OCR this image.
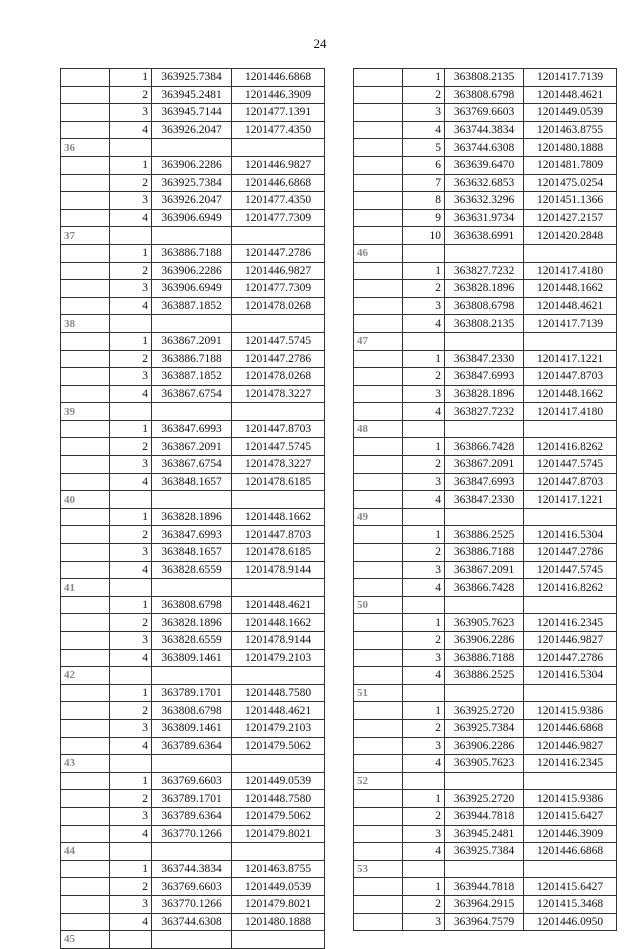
24
	1	363925.7384	1201446.6868
	2	363945.2481	1201446.3909
	3	363945.7144	1201477.1391
	4	363926.2047	1201477.4350
36			
	1	363906.2286	1201446.9827
	2	363925.7384	1201446.6868
	3	363926.2047	1201477.4350
	4	363906.6949	1201477.7309
37			
	1	363886.7188	1201447.2786
	2	363906.2286	1201446.9827
	3	363906.6949	1201477.7309
	4	363887.1852	1201478.0268
38			
	1	363867.2091	1201447.5745
	2	363886.7188	1201447.2786
	3	363887.1852	1201478.0268
	4	363867.6754	1201478.3227
39			
	1	363847.6993	1201447.8703
	2	363867.2091	1201447.5745
	3	363867.6754	1201478.3227
	4	363848.1657	1201478.6185
40			
	1	363828.1896	1201448.1662
	2	363847.6993	1201447.8703
	3	363848.1657	1201478.6185
	4	363828.6559	1201478.9144
41			
	1	363808.6798	1201448.4621
	2	363828.1896	1201448.1662
	3	363828.6559	1201478.9144
	4	363809.1461	1201479.2103
42			
	1	363789.1701	1201448.7580
	2	363808.6798	1201448.4621
	3	363809.1461	1201479.2103
	4	363789.6364	1201479.5062
43			
	1	363769.6603	1201449.0539
	2	363789.1701	1201448.7580
	3	363789.6364	1201479.5062
	4	363770.1266	1201479.8021
44			
	1	363744.3834	1201463.8755
	2	363769.6603	1201449.0539
	3	363770.1266	1201479.8021
	4	363744.6308	1201480.1888
45			
	1	363808.2135	1201417.7139
	2	363808.6798	1201448.4621
	3	363769.6603	1201449.0539
	4	363744.3834	1201463.8755
	5	363744.6308	1201480.1888
	6	363639.6470	1201481.7809
	7	363632.6853	1201475.0254
	8	363632.3296	1201451.1366
	9	363631.9734	1201427.2157
	10	363638.6991	1201420.2848
46			
	1	363827.7232	1201417.4180
	2	363828.1896	1201448.1662
	3	363808.6798	1201448.4621
	4	363808.2135	1201417.7139
47			
	1	363847.2330	1201417.1221
	2	363847.6993	1201447.8703
	3	363828.1896	1201448.1662
	4	363827.7232	1201417.4180
48			
	1	363866.7428	1201416.8262
	2	363867.2091	1201447.5745
	3	363847.6993	1201447.8703
	4	363847.2330	1201417.1221
49			
	1	363886.2525	1201416.5304
	2	363886.7188	1201447.2786
	3	363867.2091	1201447.5745
	4	363866.7428	1201416.8262
50			
	1	363905.7623	1201416.2345
	2	363906.2286	1201446.9827
	3	363886.7188	1201447.2786
	4	363886.2525	1201416.5304
51			
	1	363925.2720	1201415.9386
	2	363925.7384	1201446.6868
	3	363906.2286	1201446.9827
	4	363905.7623	1201416.2345
52			
	1	363925.2720	1201415.9386
	2	363944.7818	1201415.6427
	3	363945.2481	1201446.3909
	4	363925.7384	1201446.6868
53			
	1	363944.7818	1201415.6427
	2	363964.2915	1201415.3468
	3	363964.7579	1201446.0950
